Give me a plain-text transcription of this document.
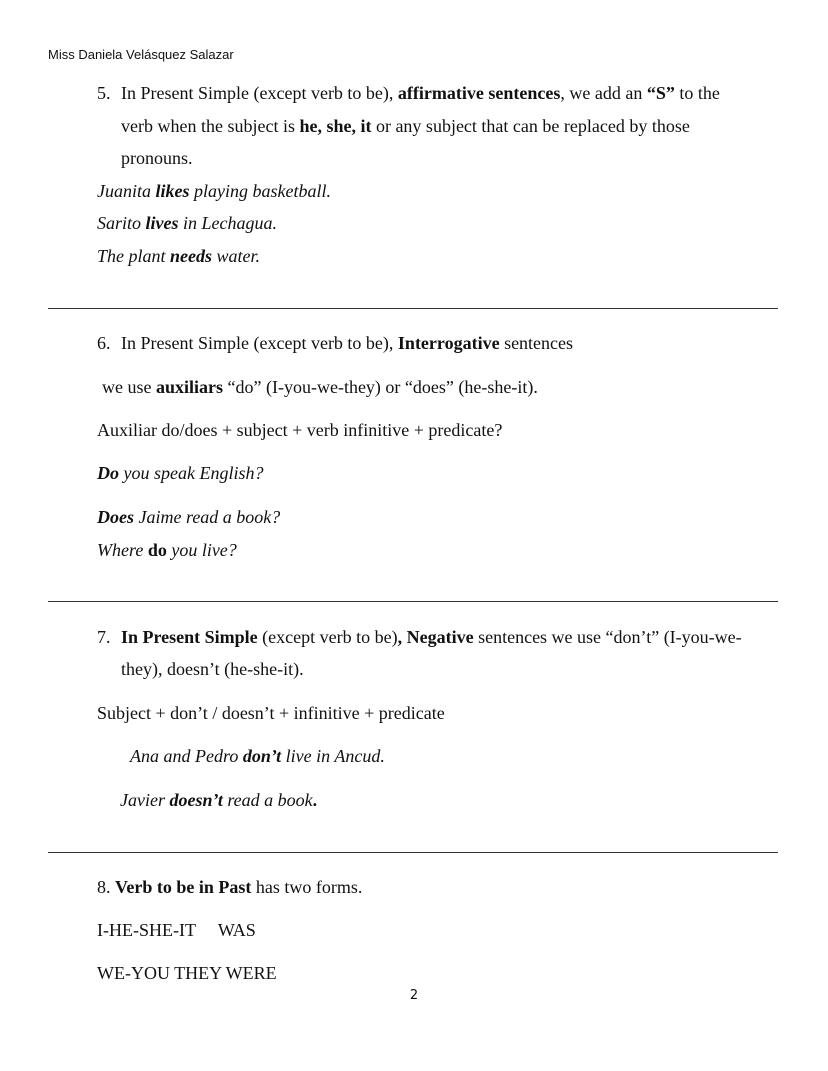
Miss Daniela Velásquez Salazar
5. In Present Simple (except verb to be), affirmative sentences, we add an “S” to the
verb when the subject is he, she, it or any subject that can be replaced by those
pronouns.
Juanita likes playing basketball.
Sarito lives in Lechagua.
The plant needs water.
6. In Present Simple (except verb to be), Interrogative sentences
we use auxiliars “do” (I-you-we-they) or “does” (he-she-it).
Auxiliar do/does + subject + verb infinitive + predicate?
Do you speak English?
Does Jaime read a book?
Where do you live?
7. In Present Simple (except verb to be), Negative sentences we use “don’t” (I-you-we-
they), doesn’t (he-she-it).
Subject + don’t / doesn’t + infinitive + predicate
Ana and Pedro don’t live in Ancud.
Javier doesn’t read a book.
8. Verb to be in Past has two forms.
I-HE-SHE-IT     WAS
WE-YOU THEY WERE
2
